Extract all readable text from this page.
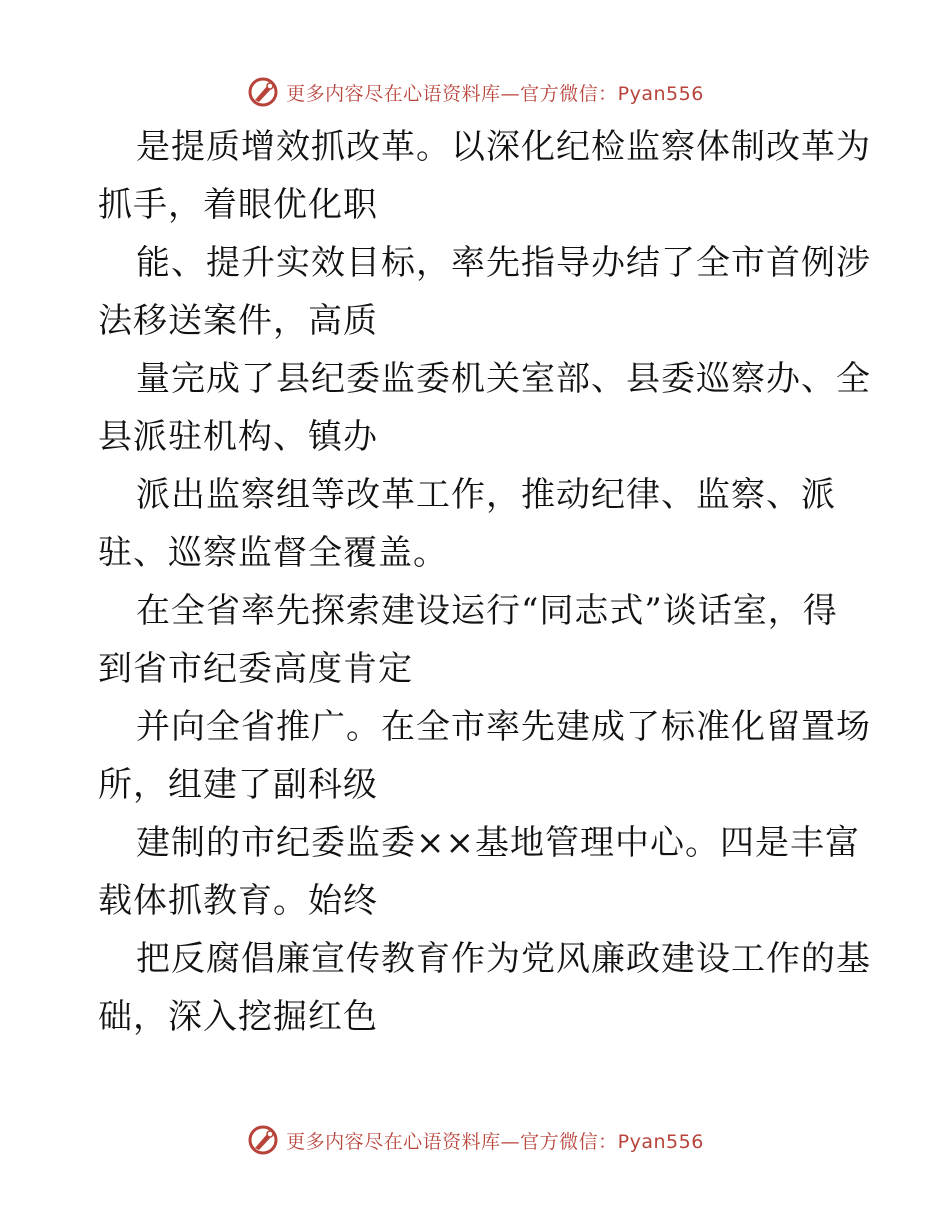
更多内容尽在心语资料库—官方微信：Pyan556
是提质增效抓改革。以深化纪检监察体制改革为
抓手，着眼优化职
能、提升实效目标，率先指导办结了全市首例涉
法移送案件，高质
量完成了县纪委监委机关室部、县委巡察办、全
县派驻机构、镇办
派出监察组等改革工作，推动纪律、监察、派
驻、巡察监督全覆盖。
在全省率先探索建设运行“同志式”谈话室，得
到省市纪委高度肯定
并向全省推广。在全市率先建成了标准化留置场
所，组建了副科级
建制的市纪委监委××基地管理中心。四是丰富
载体抓教育。始终
把反腐倡廉宣传教育作为党风廉政建设工作的基
础，深入挖掘红色
更多内容尽在心语资料库—官方微信：Pyan556
